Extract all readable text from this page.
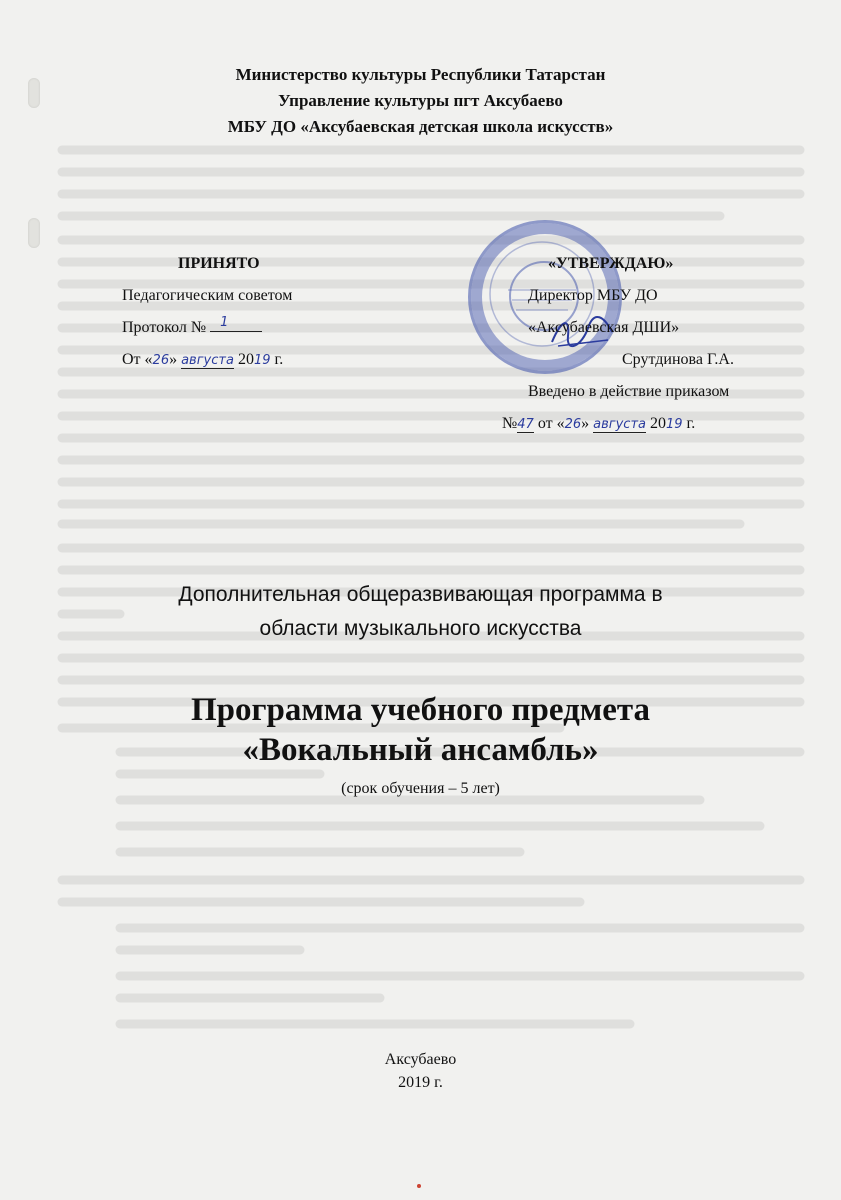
Министерство культуры Республики Татарстан
Управление культуры пгт Аксубаево
МБУ ДО «Аксубаевская детская школа искусств»
ПРИНЯТО
Педагогическим советом
Протокол № 1
От «26» августа 2019 г.
«УТВЕРЖДАЮ»
Директор МБУ ДО
«Аксубаевская ДШИ»
Срутдинова Г.А.
Введено в действие приказом
№47 от «26» августа 2019 г.
Дополнительная общеразвивающая программа в
области музыкального искусства
Программа учебного предмета
«Вокальный ансамбль»
(срок обучения – 5 лет)
Аксубаево
2019 г.
